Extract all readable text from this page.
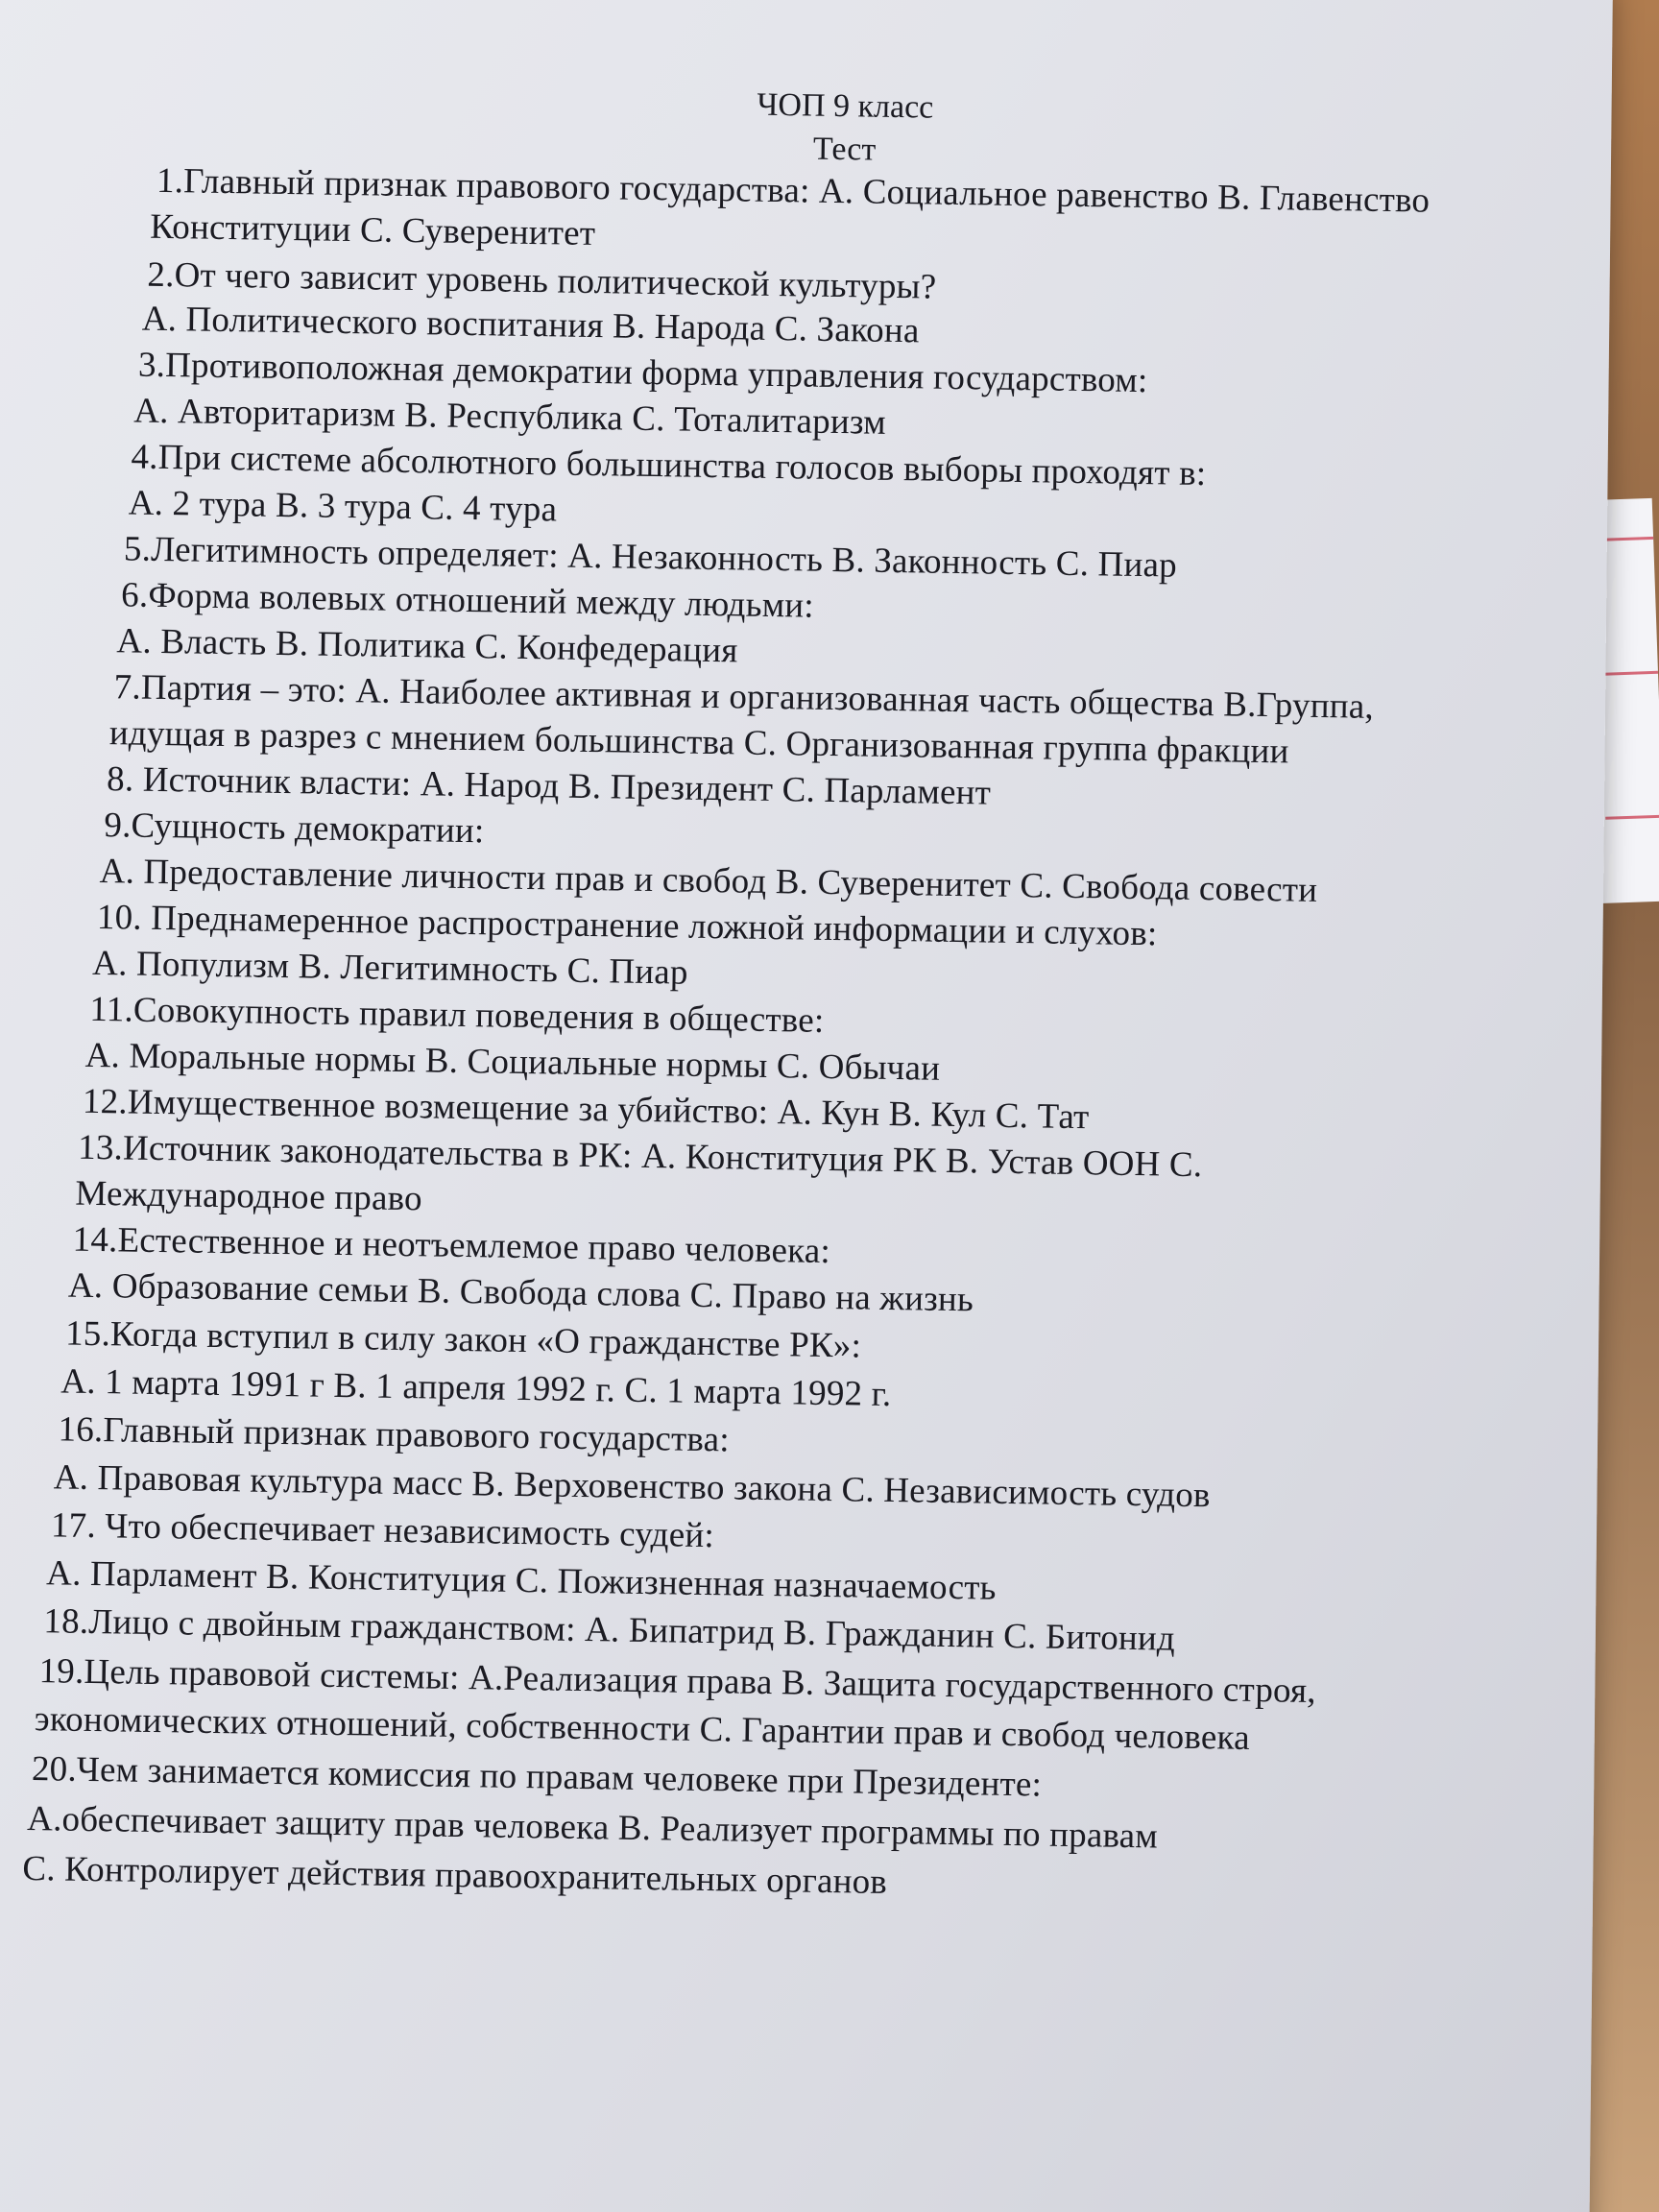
ЧОП 9 класс
Тест
1.Главный признак правового государства: А. Социальное равенство В. Главенство
Конституции С. Суверенитет
2.От чего зависит уровень политической культуры?
А. Политического воспитания В. Народа С. Закона
3.Противоположная демократии форма управления государством:
А. Авторитаризм В. Республика С. Тоталитаризм
4.При системе абсолютного большинства голосов выборы проходят в:
А. 2 тура В. 3 тура С. 4 тура
5.Легитимность определяет: А. Незаконность В. Законность С. Пиар
6.Форма волевых отношений между людьми:
А. Власть В. Политика С. Конфедерация
7.Партия – это: А. Наиболее активная и организованная часть общества В.Группа,
идущая в разрез с мнением большинства С. Организованная группа фракции
8. Источник власти: А. Народ В. Президент С. Парламент
9.Сущность демократии:
А. Предоставление личности прав и свобод В. Суверенитет С. Свобода совести
10. Преднамеренное распространение ложной информации и слухов:
А. Популизм В. Легитимность С. Пиар
11.Совокупность правил поведения в обществе:
А. Моральные нормы В. Социальные нормы С. Обычаи
12.Имущественное возмещение за убийство: А. Кун В. Кул С. Тат
13.Источник законодательства в РК: А. Конституция РК В. Устав ООН С.
Международное право
14.Естественное и неотъемлемое право человека:
А. Образование семьи В. Свобода слова С. Право на жизнь
15.Когда вступил в силу закон «О гражданстве РК»:
А. 1 марта 1991 г В. 1 апреля 1992 г. С. 1 марта 1992 г.
16.Главный признак правового государства:
А. Правовая культура масс В. Верховенство закона С. Независимость судов
17. Что обеспечивает независимость судей:
А. Парламент В. Конституция С. Пожизненная назначаемость
18.Лицо с двойным гражданством: А. Бипатрид В. Гражданин С. Битонид
19.Цель правовой системы: А.Реализация права В. Защита государственного строя,
экономических отношений, собственности С. Гарантии прав и свобод человека
20.Чем занимается комиссия по правам человеке при Президенте:
А.обеспечивает защиту прав человека В. Реализует программы по правам
С. Контролирует действия правоохранительных органов
